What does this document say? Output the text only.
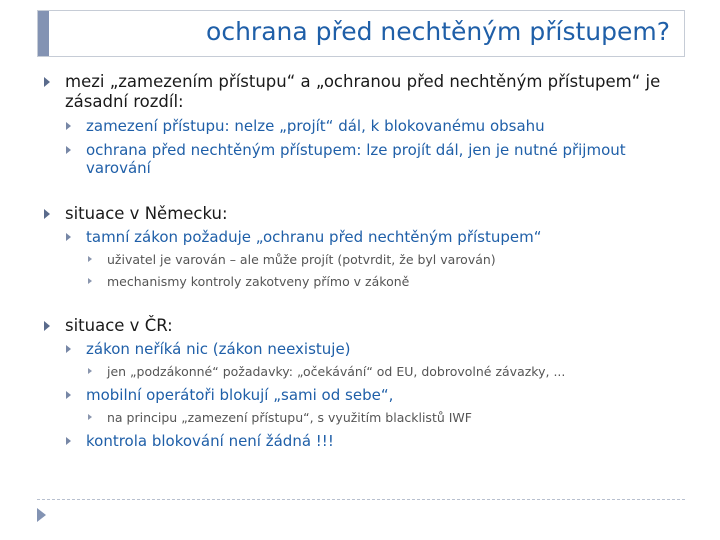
ochrana před nechtěným přístupem?
mezi „zamezením přístupu“ a „ochranou před nechtěným přístupem“ je zásadní rozdíl:
zamezení přístupu: nelze „projít“ dál, k blokovanému obsahu
ochrana před nechtěným přístupem: lze projít dál, jen je nutné přijmout varování
situace v Německu:
tamní zákon požaduje „ochranu před nechtěným přístupem“
uživatel je varován – ale může projít (potvrdit, že byl varován)
mechanismy kontroly zakotveny přímo v zákoně
situace v ČR:
zákon neříká nic (zákon neexistuje)
jen „podzákonné“ požadavky: „očekávání“ od EU, dobrovolné závazky, ...
mobilní operátoři blokují „sami od sebe“,
na principu „zamezení přístupu“, s využitím blacklistů IWF
kontrola blokování není žádná !!!
